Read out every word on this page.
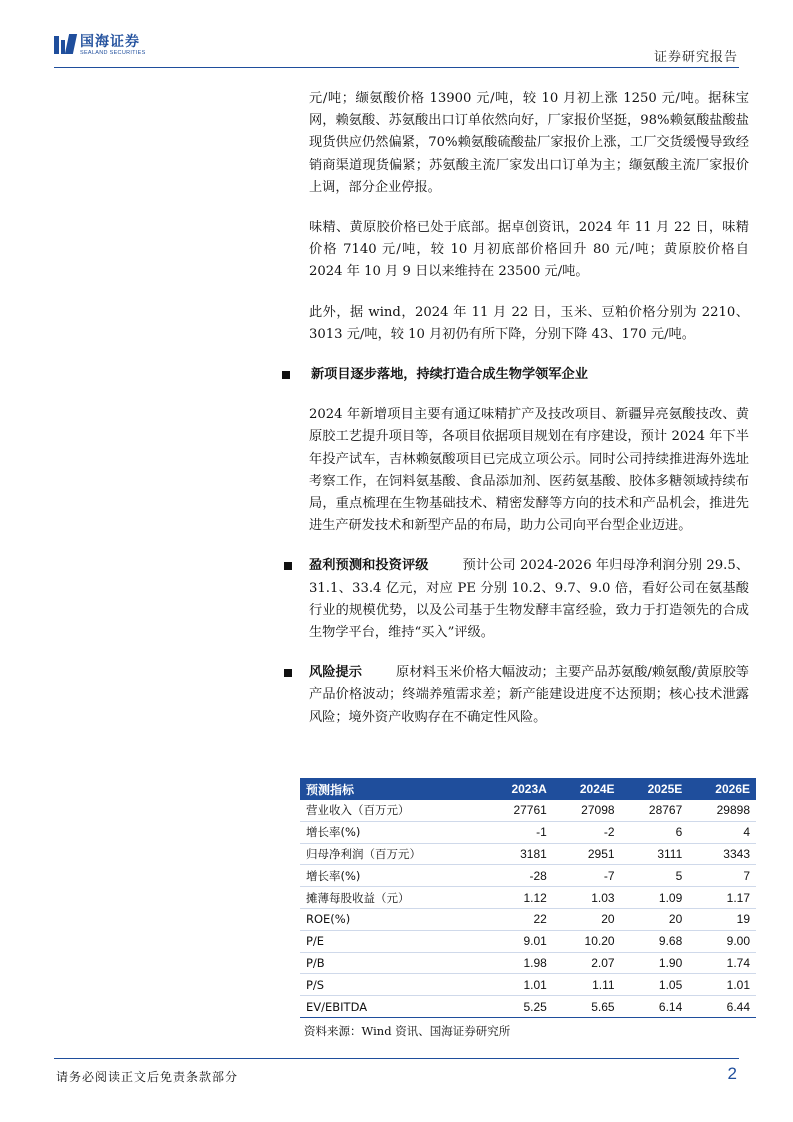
国海证券
SEALAND SECURITIES	证券研究报告

元/吨；缬氨酸价格 13900 元/吨，较 10 月初上涨 1250 元/吨。据秣宝网，赖氨酸、苏氨酸出口订单依然向好，厂家报价坚挺，98%赖氨酸盐酸盐现货供应仍然偏紧，70%赖氨酸硫酸盐厂家报价上涨，工厂交货缓慢导致经销商渠道现货偏紧；苏氨酸主流厂家发出口订单为主；缬氨酸主流厂家报价上调，部分企业停报。

味精、黄原胶价格已处于底部。据卓创资讯，2024 年 11 月 22 日，味精价格 7140 元/吨，较 10 月初底部价格回升 80 元/吨；黄原胶价格自 2024 年 10 月 9 日以来维持在 23500 元/吨。

此外，据 wind，2024 年 11 月 22 日，玉米、豆粕价格分别为 2210、3013 元/吨，较 10 月初仍有所下降，分别下降 43、170 元/吨。

新项目逐步落地，持续打造合成生物学领军企业

2024 年新增项目主要有通辽味精扩产及技改项目、新疆异亮氨酸技改、黄原胶工艺提升项目等，各项目依据项目规划在有序建设，预计 2024 年下半年投产试车，吉林赖氨酸项目已完成立项公示。同时公司持续推进海外选址考察工作，在饲料氨基酸、食品添加剂、医药氨基酸、胶体多糖领域持续布局，重点梳理在生物基础技术、精密发酵等方向的技术和产品机会，推进先进生产研发技术和新型产品的布局，助力公司向平台型企业迈进。

盈利预测和投资评级	预计公司 2024-2026 年归母净利润分别 29.5、31.1、33.4 亿元，对应 PE 分别 10.2、9.7、9.0 倍，看好公司在氨基酸行业的规模优势，以及公司基于生物发酵丰富经验，致力于打造领先的合成生物学平台，维持“买入”评级。
风险提示	原材料玉米价格大幅波动；主要产品苏氨酸/赖氨酸/黄原胶等产品价格波动；终端养殖需求差；新产能建设进度不达预期；核心技术泄露风险；境外资产收购存在不确定性风险。
预测指标	2023A	2024E	2025E	2026E
营业收入（百万元）	27761	27098	28767	29898
增长率(%)	-1	-2	6	4
归母净利润（百万元）	3181	2951	3111	3343
增长率(%)	-28	-7	5	7
摊薄每股收益（元）	1.12	1.03	1.09	1.17
ROE(%)	22	20	20	19
P/E	9.01	10.20	9.68	9.00
P/B	1.98	2.07	1.90	1.74
P/S	1.01	1.11	1.05	1.01
EV/EBITDA	5.25	5.65	6.14	6.44
资料来源：Wind 资讯、国海证券研究所
请务必阅读正文后免责条款部分	2
